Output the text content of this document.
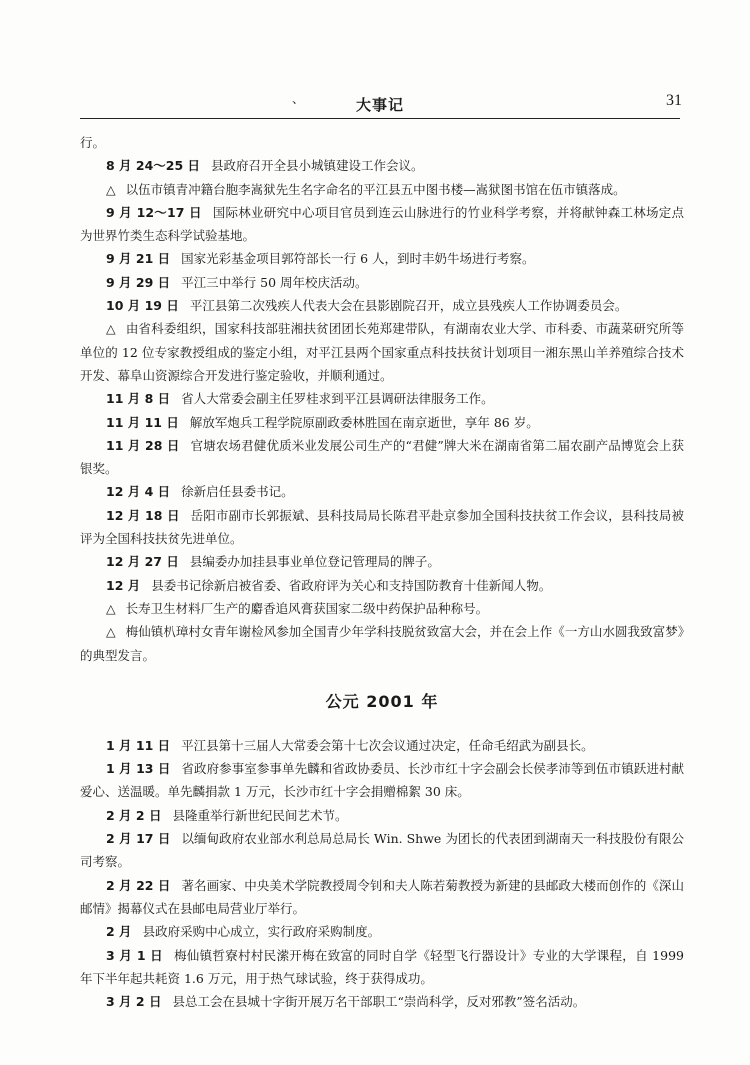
、	大事记	31

行。

8 月 24～25 日 县政府召开全县小城镇建设工作会议。

△ 以伍市镇青冲籍台胞李嵩狱先生名字命名的平江县五中图书楼—嵩狱图书馆在伍市镇落成。

9 月 12～17 日 国际林业研究中心项目官员到连云山脉进行的竹业科学考察，并将献钟森工林场定点为世界竹类生态科学试验基地。

9 月 21 日 国家光彩基金项目郭符部长一行 6 人，到时丰奶牛场进行考察。

9 月 29 日 平江三中举行 50 周年校庆活动。

10 月 19 日 平江县第二次残疾人代表大会在县影剧院召开，成立县残疾人工作协调委员会。

△ 由省科委组织，国家科技部驻湘扶贫团团长苑郑建带队，有湖南农业大学、市科委、市蔬菜研究所等单位的 12 位专家教授组成的鉴定小组，对平江县两个国家重点科技扶贫计划项目一湘东黑山羊养殖综合技术开发、幕阜山资源综合开发进行鉴定验收，并顺利通过。

11 月 8 日 省人大常委会副主任罗桂求到平江县调研法律服务工作。

11 月 11 日 解放军炮兵工程学院原副政委林胜国在南京逝世，享年 86 岁。

11 月 28 日 官塘农场君健优质米业发展公司生产的“君健”牌大米在湖南省第二届农副产品博览会上获银奖。

12 月 4 日 徐新启任县委书记。

12 月 18 日 岳阳市副市长郭振斌、县科技局局长陈君平赴京参加全国科技扶贫工作会议，县科技局被评为全国科技扶贫先进单位。

12 月 27 日 县编委办加挂县事业单位登记管理局的牌子。

12 月 县委书记徐新启被省委、省政府评为关心和支持国防教育十佳新闻人物。

△ 长寿卫生材料厂生产的麝香追风膏获国家二级中药保护品种称号。

△ 梅仙镇朳璋村女青年谢检风参加全国青少年学科技脱贫致富大会，并在会上作《一方山水圆我致富梦》的典型发言。

公元 2001 年

1 月 11 日 平江县第十三届人大常委会第十七次会议通过决定，任命毛绍武为副县长。

1 月 13 日 省政府参事室参事单先麟和省政协委员、长沙市红十字会副会长侯孝沛等到伍市镇跃进村献爱心、送温暖。单先麟捐款 1 万元，长沙市红十字会捐赠棉絮 30 床。

2 月 2 日 县隆重举行新世纪民间艺术节。

2 月 17 日 以缅甸政府农业部水利总局总局长 Win. Shwe 为团长的代表团到湖南天一科技股份有限公司考察。

2 月 22 日 著名画家、中央美术学院教授周令钊和夫人陈若菊教授为新建的县邮政大楼而创作的《深山邮情》揭幕仪式在县邮电局营业厅举行。

2 月 县政府采购中心成立，实行政府采购制度。

3 月 1 日 梅仙镇哲寮村村民潆开梅在致富的同时自学《轻型飞行器设计》专业的大学课程，自 1999 年下半年起共耗资 1.6 万元，用于热气球试验，终于获得成功。

3 月 2 日 县总工会在县城十字街开展万名干部职工“崇尚科学，反对邪教”签名活动。
